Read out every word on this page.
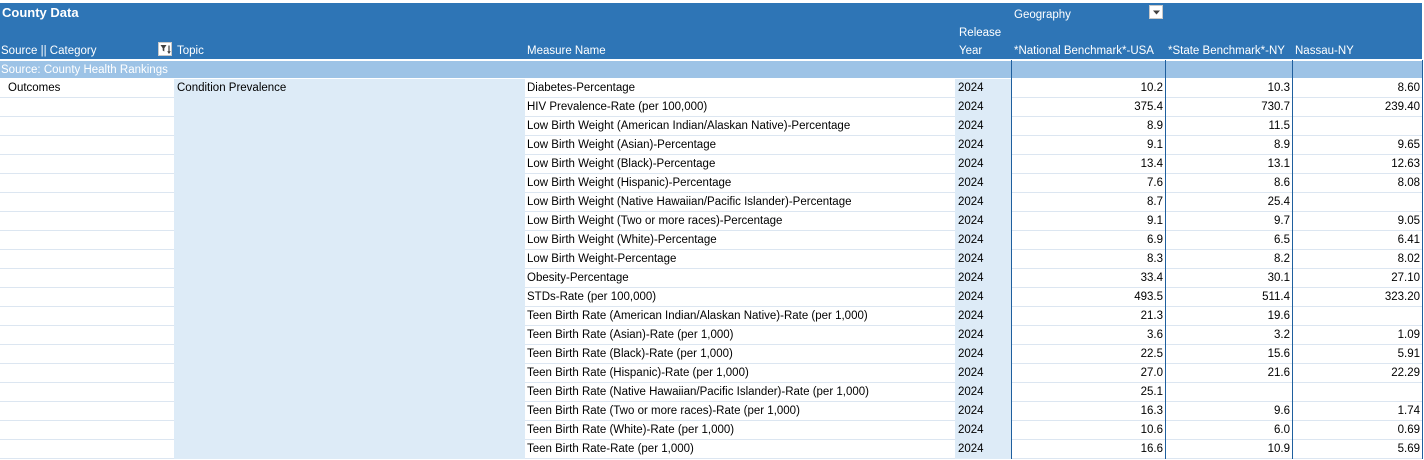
County Data	Geography
Source || Category	Topic	Measure Name
Release
Year	*National Benchmark*-USA *State Benchmark*-NY Nassau-NY
Source: County Health Rankings
Outcomes	Condition Prevalence	Diabetes-Percentage	2024	10.2	10.3	8.60
HIV Prevalence-Rate (per 100,000)	2024	375.4	730.7	239.40
Low Birth Weight (American Indian/Alaskan Native)-Percentage	2024	8.9	11.5
Low Birth Weight (Asian)-Percentage	2024	9.1	8.9	9.65
Low Birth Weight (Black)-Percentage	2024	13.4	13.1	12.63
Low Birth Weight (Hispanic)-Percentage	2024	7.6	8.6	8.08
Low Birth Weight (Native Hawaiian/Pacific Islander)-Percentage	2024	8.7	25.4
Low Birth Weight (Two or more races)-Percentage	2024	9.1	9.7	9.05
Low Birth Weight (White)-Percentage	2024	6.9	6.5	6.41
Low Birth Weight-Percentage	2024	8.3	8.2	8.02
Obesity-Percentage	2024	33.4	30.1	27.10
STDs-Rate (per 100,000)	2024	493.5	511.4	323.20
Teen Birth Rate (American Indian/Alaskan Native)-Rate (per 1,000)	2024	21.3	19.6
Teen Birth Rate (Asian)-Rate (per 1,000)	2024	3.6	3.2	1.09
Teen Birth Rate (Black)-Rate (per 1,000)	2024	22.5	15.6	5.91
Teen Birth Rate (Hispanic)-Rate (per 1,000)	2024	27.0	21.6	22.29
Teen Birth Rate (Native Hawaiian/Pacific Islander)-Rate (per 1,000)	2024	25.1
Teen Birth Rate (Two or more races)-Rate (per 1,000)	2024	16.3	9.6	1.74
Teen Birth Rate (White)-Rate (per 1,000)	2024	10.6	6.0	0.69
Teen Birth Rate-Rate (per 1,000)	2024	16.6	10.9	5.69
